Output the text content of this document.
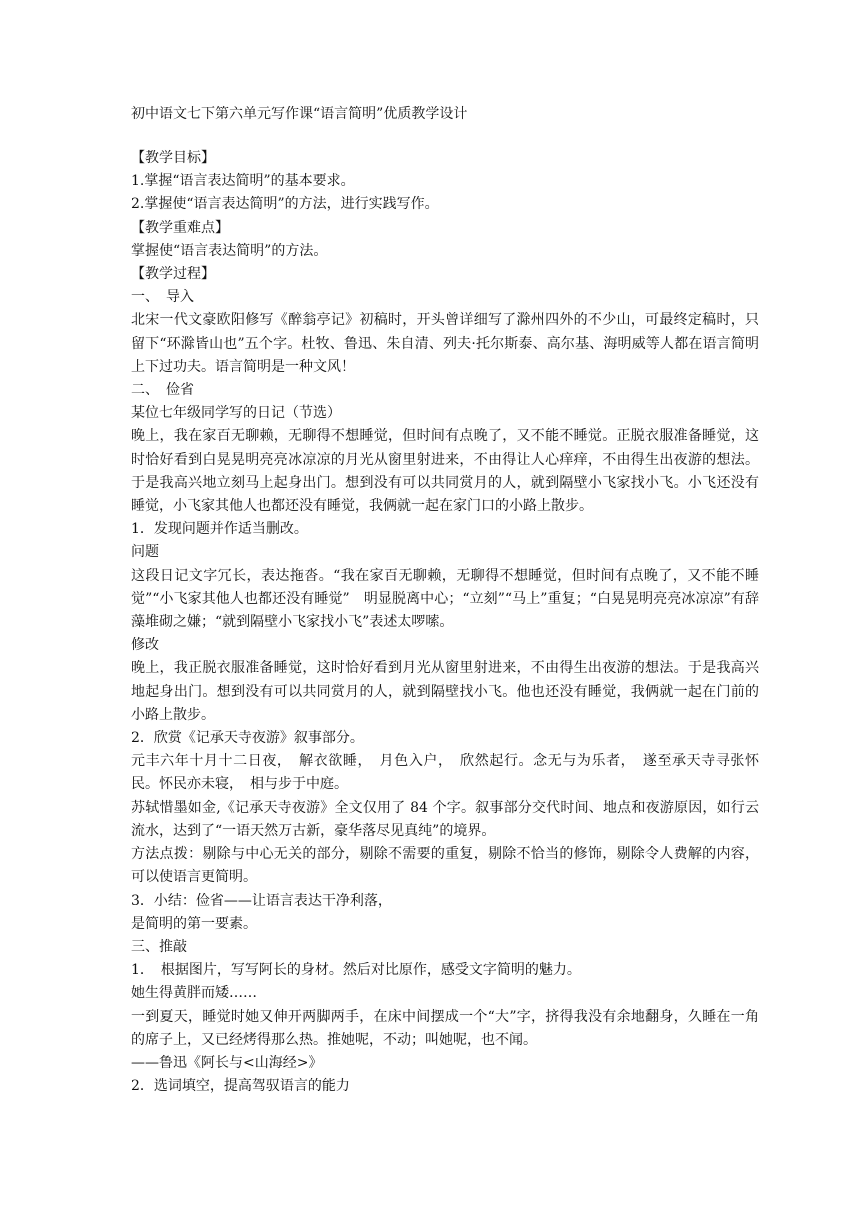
初中语文七下第六单元写作课“语言简明”优质教学设计

【教学目标】

1.掌握“语言表达简明”的基本要求。

2.掌握使“语言表达简明”的方法，进行实践写作。

【教学重难点】

掌握使“语言表达简明”的方法。

【教学过程】

一、　导入

北宋一代文豪欧阳修写《醉翁亭记》初稿时，开头曾详细写了滁州四外的不少山，可最终定稿时，只留下“环滁皆山也”五个字。杜牧、鲁迅、朱自清、列夫·托尔斯泰、高尔基、海明威等人都在语言简明上下过功夫。语言简明是一种文风！

二、　俭省

某位七年级同学写的日记（节选）

晚上，我在家百无聊赖，无聊得不想睡觉，但时间有点晚了，又不能不睡觉。正脱衣服准备睡觉，这时恰好看到白晃晃明亮亮冰凉凉的月光从窗里射进来，不由得让人心痒痒，不由得生出夜游的想法。于是我高兴地立刻马上起身出门。想到没有可以共同赏月的人，就到隔壁小飞家找小飞。小飞还没有睡觉，小飞家其他人也都还没有睡觉，我俩就一起在家门口的小路上散步。

1．发现问题并作适当删改。

问题

这段日记文字冗长，表达拖沓。“我在家百无聊赖，无聊得不想睡觉，但时间有点晚了，又不能不睡觉”“小飞家其他人也都还没有睡觉”　明显脱离中心；“立刻”“马上”重复；“白晃晃明亮亮冰凉凉”有辞藻堆砌之嫌；“就到隔壁小飞家找小飞”表述太啰嗦。

修改

晚上，我正脱衣服准备睡觉，这时恰好看到月光从窗里射进来，不由得生出夜游的想法。于是我高兴地起身出门。想到没有可以共同赏月的人，就到隔壁找小飞。他也还没有睡觉，我俩就一起在门前的小路上散步。

2．欣赏《记承天寺夜游》叙事部分。

元丰六年十月十二日夜，　解衣欲睡，　月色入户，　欣然起行。念无与为乐者，　遂至承天寺寻张怀民。怀民亦未寝，　相与步于中庭。

苏轼惜墨如金,《记承天寺夜游》全文仅用了 84 个字。叙事部分交代时间、地点和夜游原因，如行云流水，达到了“一语天然万古新，豪华落尽见真纯”的境界。

方法点拨：剔除与中心无关的部分，剔除不需要的重复，剔除不恰当的修饰，剔除令人费解的内容，可以使语言更简明。

3．小结：俭省——让语言表达干净利落，

是简明的第一要素。

三、推敲

1．　根据图片，写写阿长的身材。然后对比原作，感受文字简明的魅力。

她生得黄胖而矮……

一到夏天，睡觉时她又伸开两脚两手，在床中间摆成一个“大”字，挤得我没有余地翻身，久睡在一角的席子上，又已经烤得那么热。推她呢，不动；叫她呢，也不闻。

——鲁迅《阿长与<山海经>》

2．选词填空，提高驾驭语言的能力
